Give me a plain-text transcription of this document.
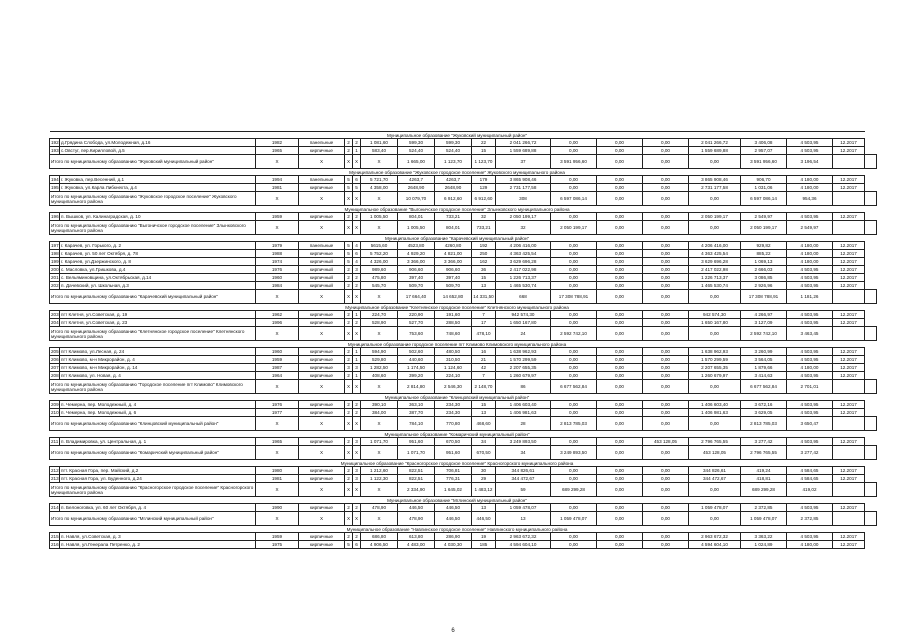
Муниципальное образование "Жуковский муниципальный район"																		
192	д.Грядина Слобода, ул.Молодежная, д.16	1982	панельные	2	2	1 081,60	599,30	599,30	22	2 041 266,72	0,00	0,00	0,00	2 041 266,72	3 406,08	4 503,95	12.2017	
193	с.Овстуг, пер.Кирилловой, д.5	1965	кирпичные	2	1	583,40	524,40	524,40	15	1 559 689,88	0,00	0,00	0,00	1 559 689,88	2 957,07	4 503,95	12.2017	
Итого по муниципальному образованию "Жуковский муниципальный район"		X	X	X	X	X	1 665,00	1 123,70	1 123,70	37	3 591 956,60	0,00	0,00	0,00	3 591 956,60	3 196,54		
Муниципальное образование "Жуковское городское поселение" Жуковского муниципального района																		
194	г. Жуковка, пер.Весенний, д.1	1994	панельные	5	6	5 721,70	4263,7	4263,7	179	3 865 908,46	0,00	0,00	0,00	3 865 908,46	906,70	4 180,00	12.2017	
195	г. Жуковка, ул.Карла Либкнехта, д.4	1981	кирпичные	5	5	4 358,00	2648,90	2648,90	129	2 731 177,58	0,00	0,00	0,00	2 731 177,58	1 031,06	4 180,00	12.2017	
Итого по муниципальному образованию "Жуковское городское поселение" Жуковского муниципального района		X	X	X	X	X	10 079,70	6 912,60	6 912,60	308	6 597 086,14	0,00	0,00	0,00	6 597 086,14	954,36		
Муниципальное образование "Выгоничское городское поселение" Злынковского муниципального района																		
196	п. Вышков, ул. Калинаградская, д. 10	1959	кирпичные	2	2	1 005,50	804,01	733,21	32	2 050 199,17	0,00	0,00	0,00	2 050 199,17	2 549,97	4 503,95	12.2017	
Итого по муниципальному образованию "Выгоничское городское поселение" Злынковского муниципального района		X	X	X	X	X	1 005,50	804,01	733,21	32	2 050 199,17	0,00	0,00	0,00	2 050 199,17	2 549,97		
Муниципальное образование "Карачевский муниципальный район"																		
197	г. Карачев, ул. Горького, д. 2	1979	панельные	5	4	5615,60	4523,80	4260,80	192	4 206 416,00	0,00	0,00	0,00	4 206 416,00	929,82	4 180,00	12.2017	
198	г. Карачев, ул. 50 лет Октября, д. 78	1988	кирпичные	5	6	5 752,20	4 929,20	4 821,00	250	4 363 425,54	0,00	0,00	0,00	4 363 425,54	885,22	4 180,00	12.2017	
199	г. Карачев, ул.Дзержинского, д. 8	1974	кирпичный	5	4	4 326,00	3 366,00	3 366,00	162	3 629 696,28	0,00	0,00	0,00	3 629 696,28	1 069,13	4 180,00	12.2017	
200	с. Масловка, ул.Гришкова, д.4	1976	кирпичный	2	3	989,60	906,60	906,60	36	2 417 022,98	0,00	0,00	0,00	2 417 022,98	2 666,03	4 503,95	12.2017	
201	с. Вельяминовщина, ул.Октябрьская, д.14	1960	кирпичный	2	2	475,80	397,40	397,40	15	1 226 713,37	0,00	0,00	0,00	1 226 713,37	3 086,85	4 503,95	12.2017	
202	п. Дачевский, ул. Школьная, д.3	1984	кирпичный	2	2	545,70	509,70	509,70	13	1 465 530,74	0,00	0,00	0,00	1 465 530,74	2 926,96	4 503,95	12.2017	
Итого по муниципальному образованию "Карачевский муниципальный район"		X	X	X	X	X	17 664,40	14 652,80	14 331,50	668	17 308 788,91	0,00	0,00	0,00	17 308 788,91	1 181,26		
Муниципальное образование "Клетнянское городское поселение" Клетнянского муниципального района																		
203	пгт Клетня, ул.Советская, д. 19	1962	кирпичные	2	1	224,70	220,90	191,60	7	942 574,30	0,00	0,00	0,00	942 574,30	4 266,97	4 503,95	12.2017	
204	пгт Клетня, ул.Советская, д. 23	1996	кирпичные	2	2	528,90	527,70	288,50	17	1 650 167,80	0,00	0,00	0,00	1 650 167,80	3 127,09	4 503,95	12.2017	
Итого по муниципальному образованию "Клетнянское городское поселение" Клетнянского муниципального района		X	X	X	X	X	753,60	748,60	478,10	24	2 592 742,10	0,00	0,00	0,00	2 592 742,10	3 463,45		
Муниципальное образование городское поселение пгт Климово Климовского муниципального района																		
205	пгт Климово, ул.Лесная, д. 24	1960	кирпичные	2	1	594,90	502,60	480,50	16	1 638 962,93	0,00	0,00	0,00	1 638 962,93	3 260,99	4 503,95	12.2017	
206	пгт Климово, м-н Микрорайон, д. 4	1959	кирпичные	2	1	529,80	440,60	310,50	21	1 570 299,59	0,00	0,00	0,00	1 570 299,59	3 564,05	4 503,95	12.2017	
207	пгт Климово, м-н Микрорайон, д. 14	1987	кирпичные	3	3	1 282,50	1 174,50	1 124,60	42	2 207 655,35	0,00	0,00	0,00	2 207 655,35	1 879,66	4 180,00	12.2017	
208	пгт Климово, ул. Новая, д. 4	1964	кирпичные	2	1	408,60	399,20	224,10	7	1 260 679,97	0,00	0,00	0,00	1 260 679,97	3 414,63	4 503,95	12.2017	
Итого по муниципальному образованию "Городское поселение пгт Климово" Климовского муниципального района		X	X	X	X	X	2 814,80	2 546,30	2 148,70	86	6 677 562,84	0,00	0,00	0,00	6 677 562,84	2 701,01		
Муниципальное образование "Клинцовский муниципальный район"																		
209	п. Чемерна, пер. Молодежный, д. 4	1976	кирпичные	2	2	390,10	363,10	234,30	15	1 406 603,40	0,00	0,00	0,00	1 406 603,40	3 672,16	4 503,95	12.2017	
210	п. Чемерна, пер. Молодежный, д. 6	1977	кирпичные	2	2	384,00	387,70	234,30	13	1 406 981,63	0,00	0,00	0,00	1 406 981,63	3 629,05	4 503,95	12.2017	
Итого по муниципальному образованию "Клинцовский муниципальный район"		X	X	X	X	X	784,10	770,80	468,60	28	2 813 785,03	0,00	0,00	0,00	2 813 785,03	3 650,47		
Муниципальное образование "Комаричский муниципальный район"																		
211	п. Владимировка, ул. Центральная, д. 1	1965	кирпичные	2	3	1 071,70	951,60	670,50	34	3 249 893,50	0,00	0,00	453 128,05	2 796 765,55	3 277,42	4 503,95	12.2017	
Итого по муниципальному образованию "Комаричский муниципальный район"		X	X	X	X	X	1 071,70	951,60	670,50	34	3 249 893,50	0,00	0,00	453 128,05	2 796 765,55	3 277,42		
Муниципальное образование "Красногорское городское поселение" Красногорского муниципального района																		
212	пгт. Красная Гора, пер. Майский, д.2	1980	кирпичные	2	3	1 212,60	822,51	706,81	30	344 826,61	0,00	0,00	0,00	344 826,61	419,24	4 584,65	12.2017	
213	пгт. Красная Гора, ул. Буденного, д.24	1981	кирпичные	2	3	1 122,30	822,51	776,31	29	344 472,67	0,00	0,00	0,00	344 472,67	418,81	4 584,65	12.2017	
Итого по муниципальному образованию "Красногорское городское поселение" Красногорского муниципального района		X	X	X	X	X	2 334,90	1 645,02	1 483,12	59	689 299,28	0,00	0,00	0,00	689 299,28	419,02		
Муниципальное образование "Мглинский муниципальный район"																		
214	п. Белоноговка, ул. 60 лет Октября, д. 4	1990	кирпичные	2	2	478,90	446,50	446,50	13	1 059 478,07	0,00	0,00	0,00	1 059 478,07	2 372,85	4 503,95	12.2017	
Итого по муниципальному образованию "Мглинский муниципальный район"		X	X	X	X	X	478,90	446,50	446,50	13	1 059 478,07	0,00	0,00	0,00	1 059 478,07	2 372,85		
Муниципальное образование "Навлинское городское поселение" Навлинского муниципального района																		
215	п. Навля, ул.Советская, д. 3	1959	кирпичные	2	2	686,80	613,80	286,90	19	2 963 672,32	0,00	0,00	0,00	2 963 672,32	3 363,22	4 503,95	12.2017	
216	п. Навля, ул.Генерала Петренко, д. 2	1975	кирпичные	5	6	4 906,50	4 483,00	4 030,30	185	4 594 604,10	0,00	0,00	0,00	4 594 604,10	1 024,89	4 180,00	12.2017	
6
